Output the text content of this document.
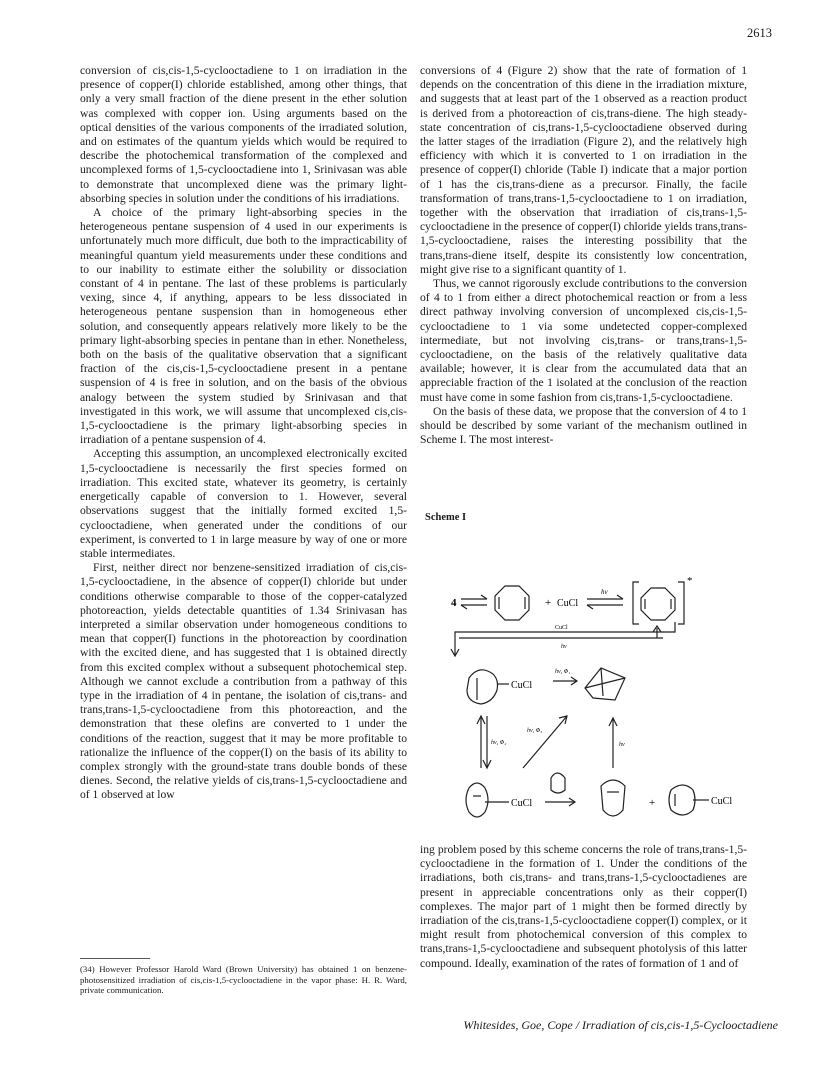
2613

conversion of cis,cis-1,5-cyclooctadiene to 1 on irradiation in the presence of copper(I) chloride established, among other things, that only a very small fraction of the diene present in the ether solution was complexed with copper ion. Using arguments based on the optical densities of the various components of the irradiated solution, and on estimates of the quantum yields which would be required to describe the photochemical transformation of the complexed and uncomplexed forms of 1,5-cyclooctadiene into 1, Srinivasan was able to demonstrate that uncomplexed diene was the primary light-absorbing species in solution under the conditions of his irradiations.

A choice of the primary light-absorbing species in the heterogeneous pentane suspension of 4 used in our experiments is unfortunately much more difficult, due both to the impracticability of meaningful quantum yield measurements under these conditions and to our inability to estimate either the solubility or dissociation constant of 4 in pentane. The last of these problems is particularly vexing, since 4, if anything, appears to be less dissociated in heterogeneous pentane suspension than in homogeneous ether solution, and consequently appears relatively more likely to be the primary light-absorbing species in pentane than in ether. Nonetheless, both on the basis of the qualitative observation that a significant fraction of the cis,cis-1,5-cyclooctadiene present in a pentane suspension of 4 is free in solution, and on the basis of the obvious analogy between the system studied by Srinivasan and that investigated in this work, we will assume that uncomplexed cis,cis-1,5-cyclooctadiene is the primary light-absorbing species in irradiation of a pentane suspension of 4.

Accepting this assumption, an uncomplexed electronically excited 1,5-cyclooctadiene is necessarily the first species formed on irradiation. This excited state, whatever its geometry, is certainly energetically capable of conversion to 1. However, several observations suggest that the initially formed excited 1,5-cyclooctadiene, when generated under the conditions of our experiment, is converted to 1 in large measure by way of one or more stable intermediates.

First, neither direct nor benzene-sensitized irradiation of cis,cis-1,5-cyclooctadiene, in the absence of copper(I) chloride but under conditions otherwise comparable to those of the copper-catalyzed photoreaction, yields detectable quantities of 1.34 Srinivasan has interpreted a similar observation under homogeneous conditions to mean that copper(I) functions in the photoreaction by coordination with the excited diene, and has suggested that 1 is obtained directly from this excited complex without a subsequent photochemical step. Although we cannot exclude a contribution from a pathway of this type in the irradiation of 4 in pentane, the isolation of cis,trans- and trans,trans-1,5-cyclooctadiene from this photoreaction, and the demonstration that these olefins are converted to 1 under the conditions of the reaction, suggest that it may be more profitable to rationalize the influence of the copper(I) on the basis of its ability to complex strongly with the ground-state trans double bonds of these dienes. Second, the relative yields of cis,trans-1,5-cyclooctadiene and of 1 observed at low

(34) However Professor Harold Ward (Brown University) has obtained 1 on benzene-photosensitized irradiation of cis,cis-1,5-cyclooctadiene in the vapor phase: H. R. Ward, private communication.

conversions of 4 (Figure 2) show that the rate of formation of 1 depends on the concentration of this diene in the irradiation mixture, and suggests that at least part of the 1 observed as a reaction product is derived from a photoreaction of cis,trans-diene. The high steady-state concentration of cis,trans-1,5-cyclooctadiene observed during the latter stages of the irradiation (Figure 2), and the relatively high efficiency with which it is converted to 1 on irradiation in the presence of copper(I) chloride (Table I) indicate that a major portion of 1 has the cis,trans-diene as a precursor. Finally, the facile transformation of trans,trans-1,5-cyclooctadiene to 1 on irradiation, together with the observation that irradiation of cis,trans-1,5-cyclooctadiene in the presence of copper(I) chloride yields trans,trans-1,5-cyclooctadiene, raises the interesting possibility that the trans,trans-diene itself, despite its consistently low concentration, might give rise to a significant quantity of 1.

Thus, we cannot rigorously exclude contributions to the conversion of 4 to 1 from either a direct photochemical reaction or from a less direct pathway involving conversion of uncomplexed cis,cis-1,5-cyclooctadiene to 1 via some undetected copper-complexed intermediate, but not involving cis,trans- or trans,trans-1,5-cyclooctadiene, on the basis of the relatively qualitative data available; however, it is clear from the accumulated data that an appreciable fraction of the 1 isolated at the conclusion of the reaction must have come in some fashion from cis,trans-1,5-cyclooctadiene.

On the basis of these data, we propose that the conversion of 4 to 1 should be described by some variant of the mechanism outlined in Scheme I. The most interest-

Scheme I
4	+ CuCl
hν
*
CuCl
hν
CuCl
hν, Φ₁
hν, Φ₂
hν, Φ₃
hν
CuCl	+	CuCl

ing problem posed by this scheme concerns the role of trans,trans-1,5-cyclooctadiene in the formation of 1. Under the conditions of the irradiations, both cis,trans- and trans,trans-1,5-cyclooctadienes are present in appreciable concentrations only as their copper(I) complexes. The major part of 1 might then be formed directly by irradiation of the cis,trans-1,5-cyclooctadiene copper(I) complex, or it might result from photochemical conversion of this complex to trans,trans-1,5-cyclooctadiene and subsequent photolysis of this latter compound. Ideally, examination of the rates of formation of 1 and of

Whitesides, Goe, Cope / Irradiation of cis,cis-1,5-Cyclooctadiene
